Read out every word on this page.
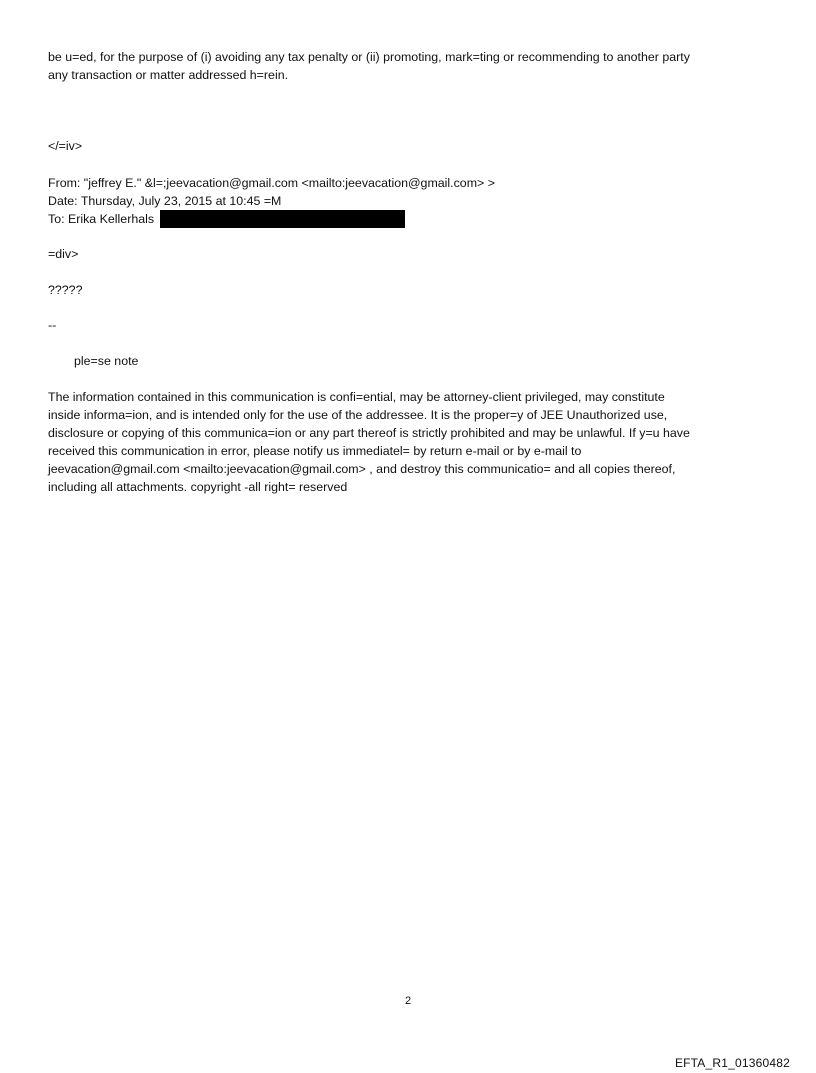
be u=ed, for the purpose of (i) avoiding any tax penalty or (ii) promoting, mark=ting or recommending to another party
any transaction or matter addressed h=rein.
</=iv>
From: "jeffrey E." &l=;jeevacation@gmail.com <mailto:jeevacation@gmail.com> >
Date: Thursday, July 23, 2015 at 10:45 =M
To: Erika Kellerhals
=div>
?????
--
ple=se note
The information contained in this communication is confi=ential, may be attorney-client privileged, may constitute
inside informa=ion, and is intended only for the use of the addressee. It is the proper=y of JEE Unauthorized use,
disclosure or copying of this communica=ion or any part thereof is strictly prohibited and may be unlawful. If y=u have
received this communication in error, please notify us immediatel= by return e-mail or by e-mail to
jeevacation@gmail.com <mailto:jeevacation@gmail.com> , and destroy this communicatio= and all copies thereof,
including all attachments. copyright -all right= reserved
2
EFTA_R1_01360482
